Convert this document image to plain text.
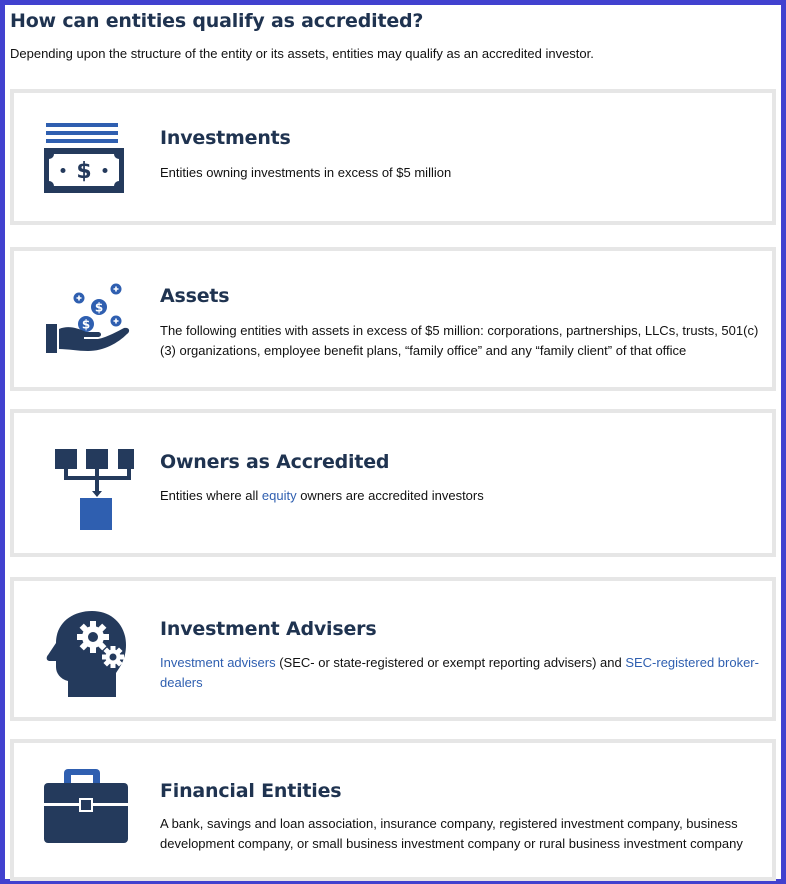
How can entities qualify as accredited?

Depending upon the structure of the entity or its assets, entities may qualify as an accredited investor.

$
Investments

Entities owning investments in excess of $5 million

$
$
Assets

The following entities with assets in excess of $5 million: corporations, partnerships, LLCs, trusts, 501(c)(3) organizations, employee benefit plans, “family office” and any “family client” of that office

Owners as Accredited

Entities where all equity owners are accredited investors

Investment Advisers

Investment advisers (SEC- or state-registered or exempt reporting advisers) and SEC-registered broker-dealers

Financial Entities

A bank, savings and loan association, insurance company, registered investment company, business development company, or small business investment company or rural business investment company
